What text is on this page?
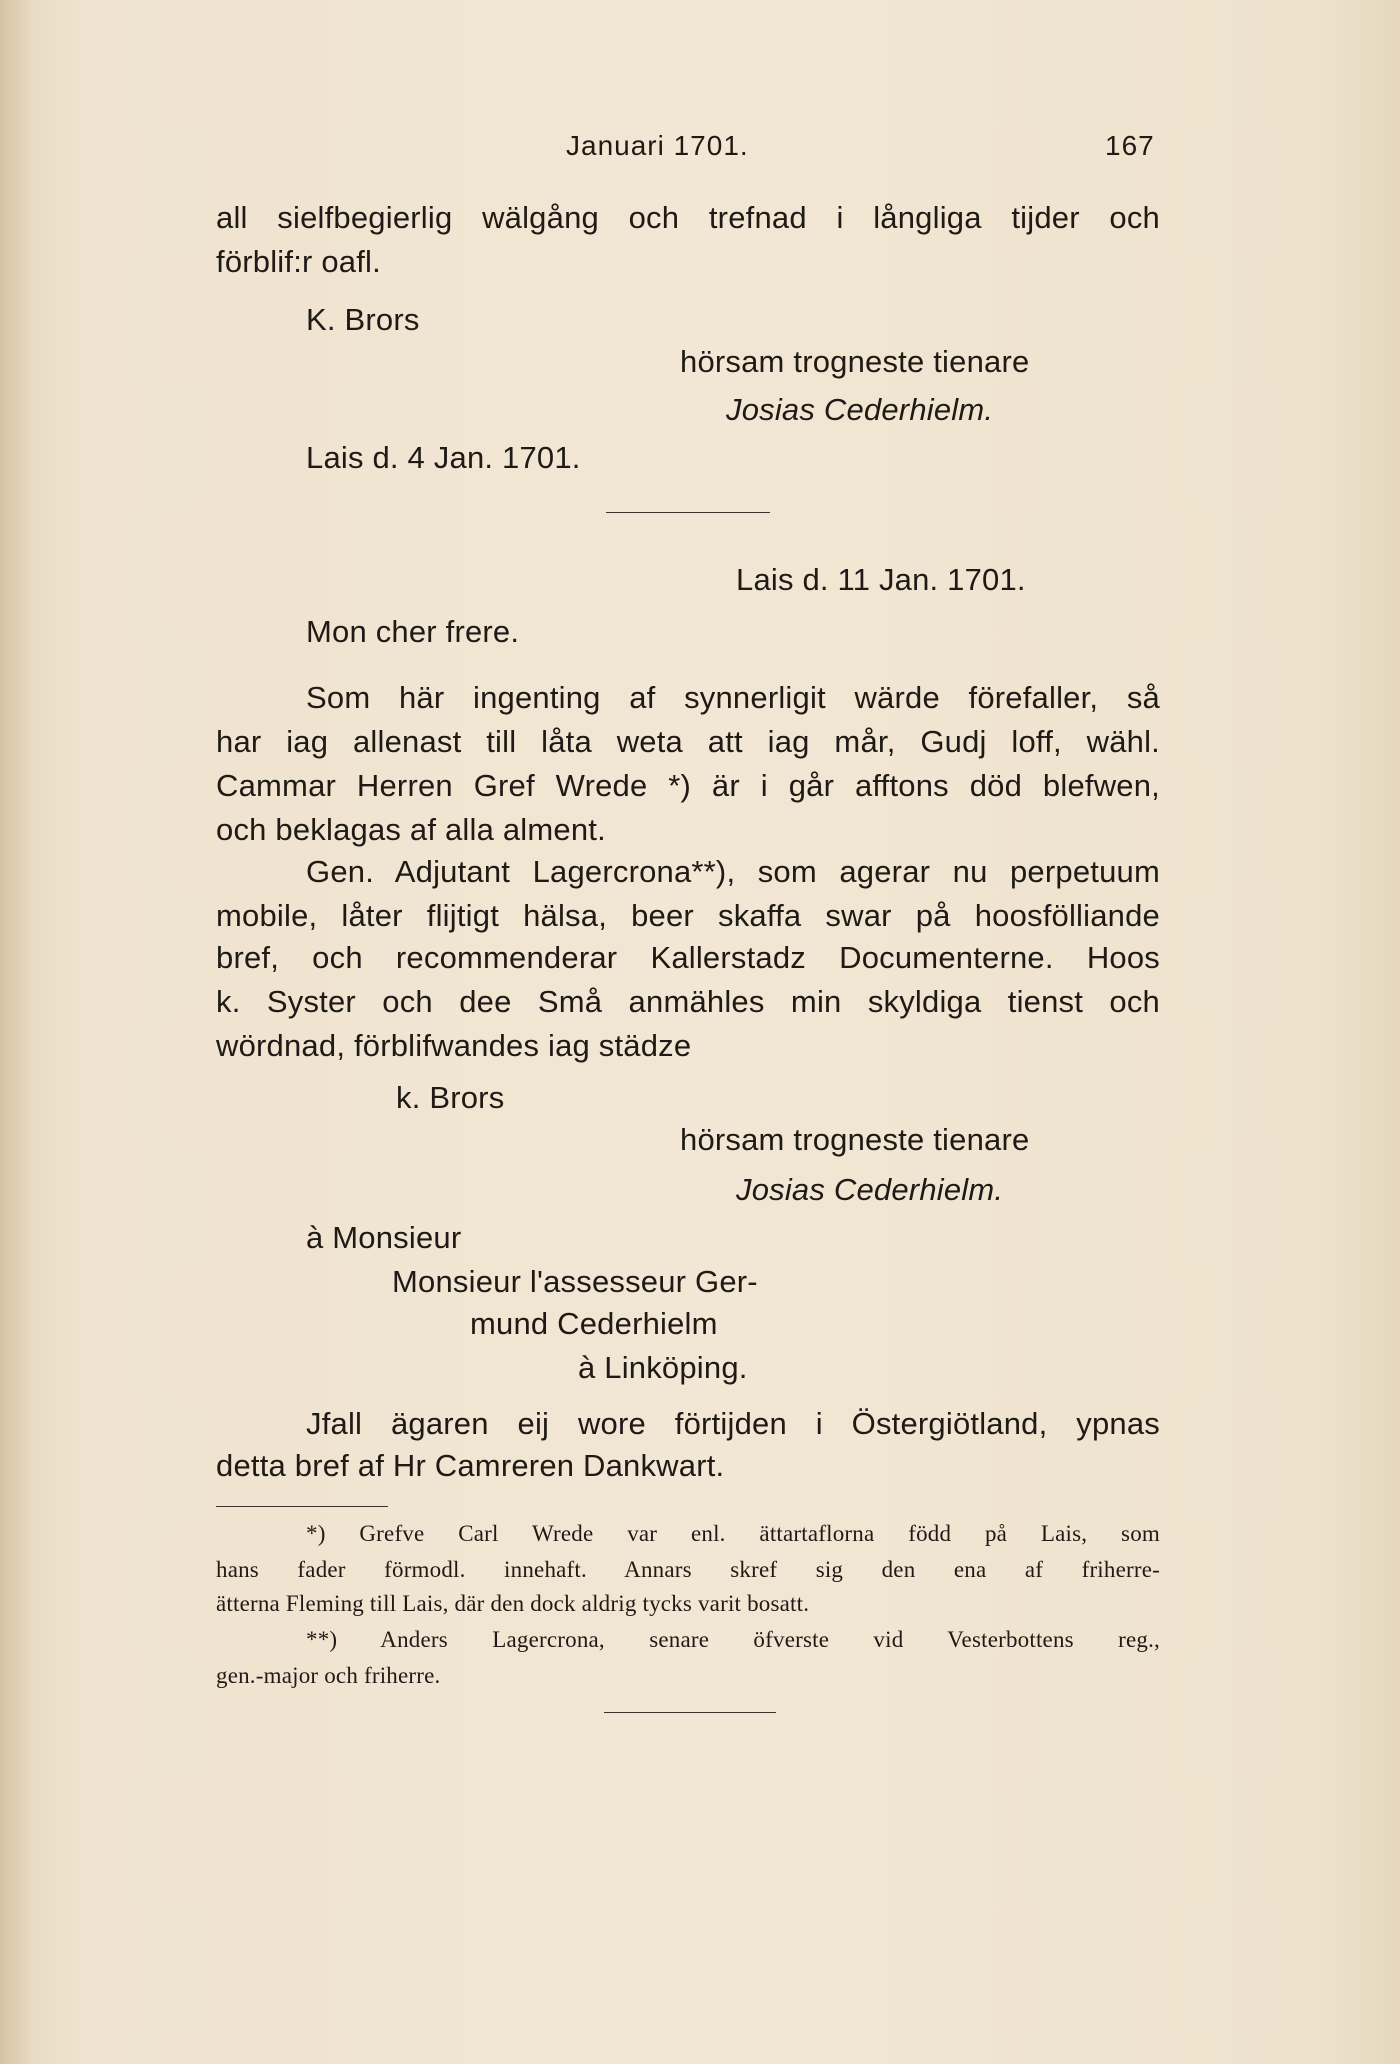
Januari 1701.	167
all sielfbegierlig wälgång och trefnad i långliga tijder och
förblif:r oafl.
K. Brors
hörsam trogneste tienare
Josias Cederhielm.
Lais d. 4 Jan. 1701.
Lais d. 11 Jan. 1701.
Mon cher frere.
Som här ingenting af synnerligit wärde förefaller, så
har iag allenast till låta weta att iag mår, Gudj loff, wähl.
Cammar Herren Gref Wrede *) är i går afftons död blefwen,
och beklagas af alla alment.
Gen. Adjutant Lagercrona**), som agerar nu perpetuum
mobile, låter flijtigt hälsa, beer skaffa swar på hoosfölliande
bref, och recommenderar Kallerstadz Documenterne. Hoos
k. Syster och dee Små anmähles min skyldiga tienst och
wördnad, förblifwandes iag städze
k. Brors
hörsam trogneste tienare
Josias Cederhielm.
à Monsieur
Monsieur l'assesseur Ger-
mund Cederhielm
à Linköping.
Jfall ägaren eij wore förtijden i Östergiötland, ypnas
detta bref af Hr Camreren Dankwart.
*) Grefve Carl Wrede var enl. ättartaflorna född på Lais, som
hans fader förmodl. innehaft. Annars skref sig den ena af friherre-
ätterna Fleming till Lais, där den dock aldrig tycks varit bosatt.
**) Anders Lagercrona, senare öfverste vid Vesterbottens reg.,
gen.-major och friherre.
